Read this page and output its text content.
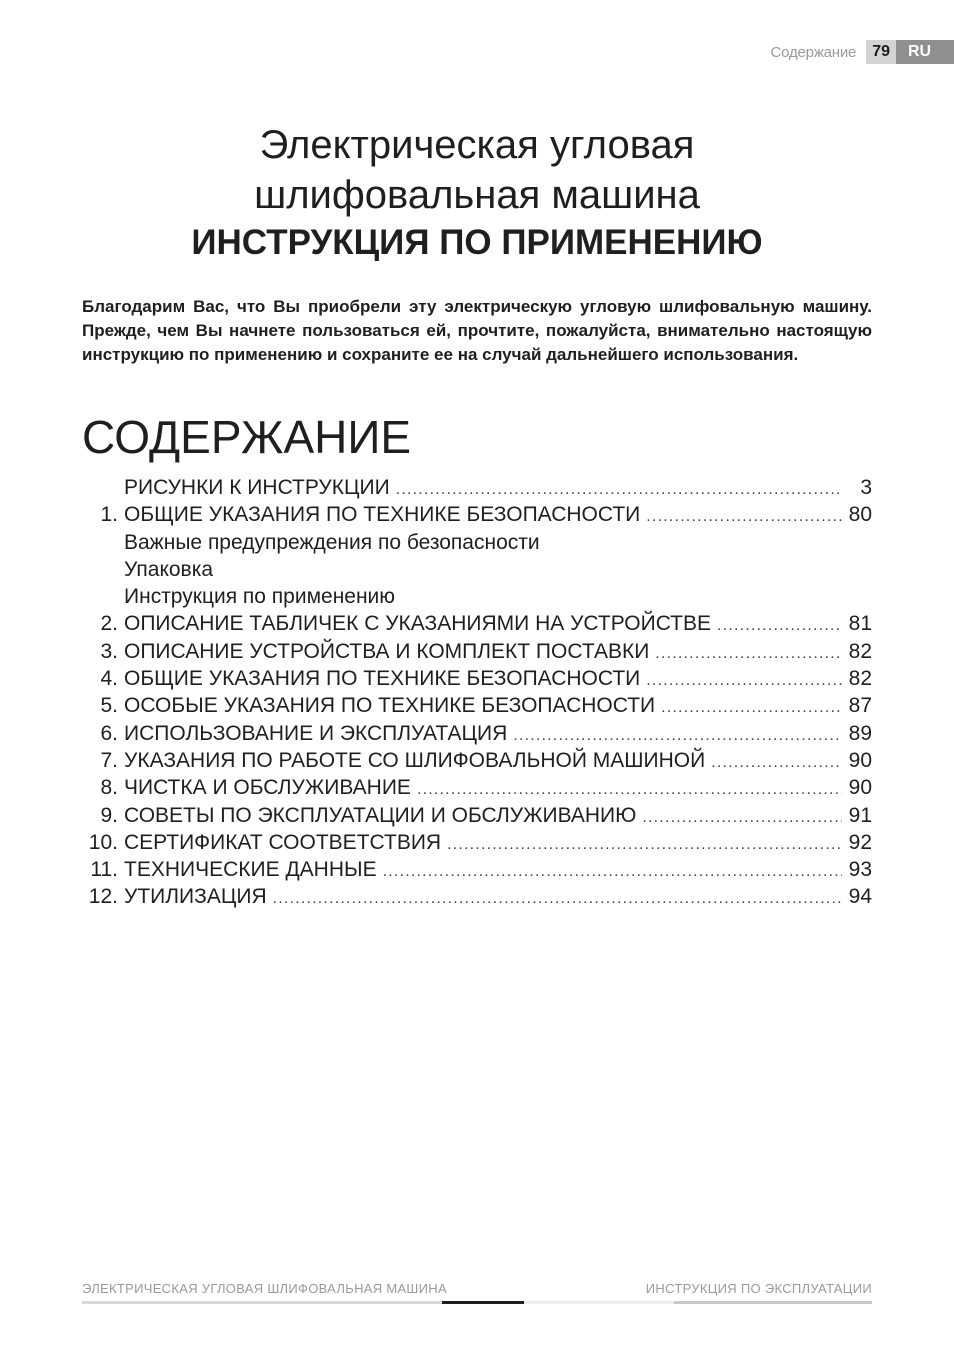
Содержание	79	RU
Электрическая угловая
шлифовальная машина
ИНСТРУКЦИЯ ПО ПРИМЕНЕНИЮ
Благодарим Вас, что Вы приобрели эту электрическую угловую шлифовальную машину. Прежде, чем Вы начнете пользоваться ей, прочтите, пожалуйста, внимательно настоящую инструкцию по применению и сохраните ее на случай дальнейшего использования.
СОДЕРЖАНИЕ
РИСУНКИ К ИНСТРУКЦИИ .....	3
1. ОБЩИЕ УКАЗАНИЯ ПО ТЕХНИКЕ БЕЗОПАСНОСТИ .....	80
Важные предупреждения по безопасности
Упаковка
Инструкция по применению
2. ОПИСАНИЕ ТАБЛИЧЕК С УКАЗАНИЯМИ НА УСТРОЙСТВЕ .....	81
3. ОПИСАНИЕ УСТРОЙСТВА И КОМПЛЕКТ ПОСТАВКИ .....	82
4. ОБЩИЕ УКАЗАНИЯ ПО ТЕХНИКЕ БЕЗОПАСНОСТИ .....	82
5. ОСОБЫЕ УКАЗАНИЯ ПО ТЕХНИКЕ БЕЗОПАСНОСТИ .....	87
6. ИСПОЛЬЗОВАНИЕ И ЭКСПЛУАТАЦИЯ .....	89
7. УКАЗАНИЯ ПО РАБОТЕ СО ШЛИФОВАЛЬНОЙ МАШИНОЙ .....	90
8. ЧИСТКА И ОБСЛУЖИВАНИЕ .....	90
9. СОВЕТЫ ПО ЭКСПЛУАТАЦИИ И ОБСЛУЖИВАНИЮ .....	91
10. СЕРТИФИКАТ СООТВЕТСТВИЯ .....	92
11. ТЕХНИЧЕСКИЕ ДАННЫЕ .....	93
12. УТИЛИЗАЦИЯ .....	94
ЭЛЕКТРИЧЕСКАЯ УГЛОВАЯ ШЛИФОВАЛЬНАЯ МАШИНА	ИНСТРУКЦИЯ ПО ЭКСПЛУАТАЦИИ
